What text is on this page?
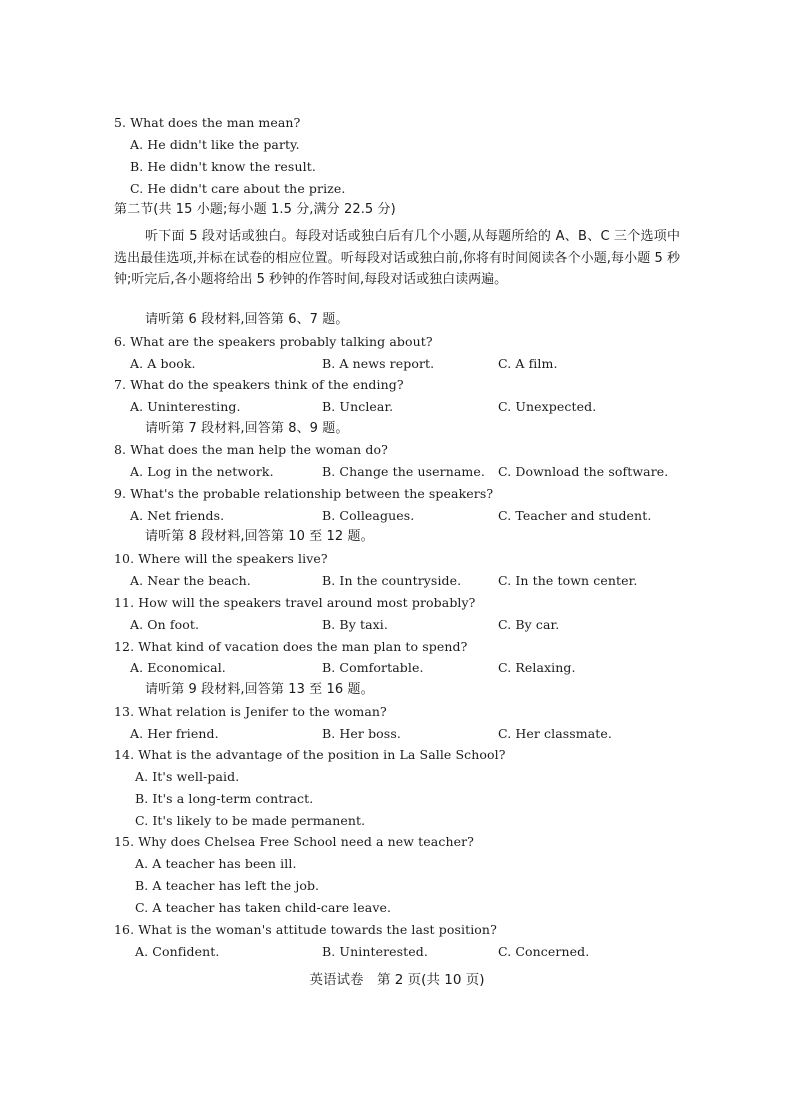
5. What does the man mean?
A. He didn't like the party.
B. He didn't know the result.
C. He didn't care about the prize.
第二节(共 15 小题;每小题 1.5 分,满分 22.5 分)
听下面 5 段对话或独白。每段对话或独白后有几个小题,从每题所给的 A、B、C 三个选项中选出最佳选项,并标在试卷的相应位置。听每段对话或独白前,你将有时间阅读各个小题,每小题 5 秒钟;听完后,各小题将给出 5 秒钟的作答时间,每段对话或独白读两遍。
请听第 6 段材料,回答第 6、7 题。
6. What are the speakers probably talking about?
A. A book.	B. A news report.	C. A film.
7. What do the speakers think of the ending?
A. Uninteresting.	B. Unclear.	C. Unexpected.
请听第 7 段材料,回答第 8、9 题。
8. What does the man help the woman do?
A. Log in the network.	B. Change the username. C. Download the software.
9. What's the probable relationship between the speakers?
A. Net friends.	B. Colleagues.	C. Teacher and student.
请听第 8 段材料,回答第 10 至 12 题。
10. Where will the speakers live?
A. Near the beach.	B. In the countryside.	C. In the town center.
11. How will the speakers travel around most probably?
A. On foot.	B. By taxi.	C. By car.
12. What kind of vacation does the man plan to spend?
A. Economical.	B. Comfortable.	C. Relaxing.
请听第 9 段材料,回答第 13 至 16 题。
13. What relation is Jenifer to the woman?
A. Her friend.	B. Her boss.	C. Her classmate.
14. What is the advantage of the position in La Salle School?
A. It's well-paid.
B. It's a long-term contract.
C. It's likely to be made permanent.
15. Why does Chelsea Free School need a new teacher?
A. A teacher has been ill.
B. A teacher has left the job.
C. A teacher has taken child-care leave.
16. What is the woman's attitude towards the last position?
A. Confident.	B. Uninterested.	C. Concerned.
英语试卷　第 2 页(共 10 页)
